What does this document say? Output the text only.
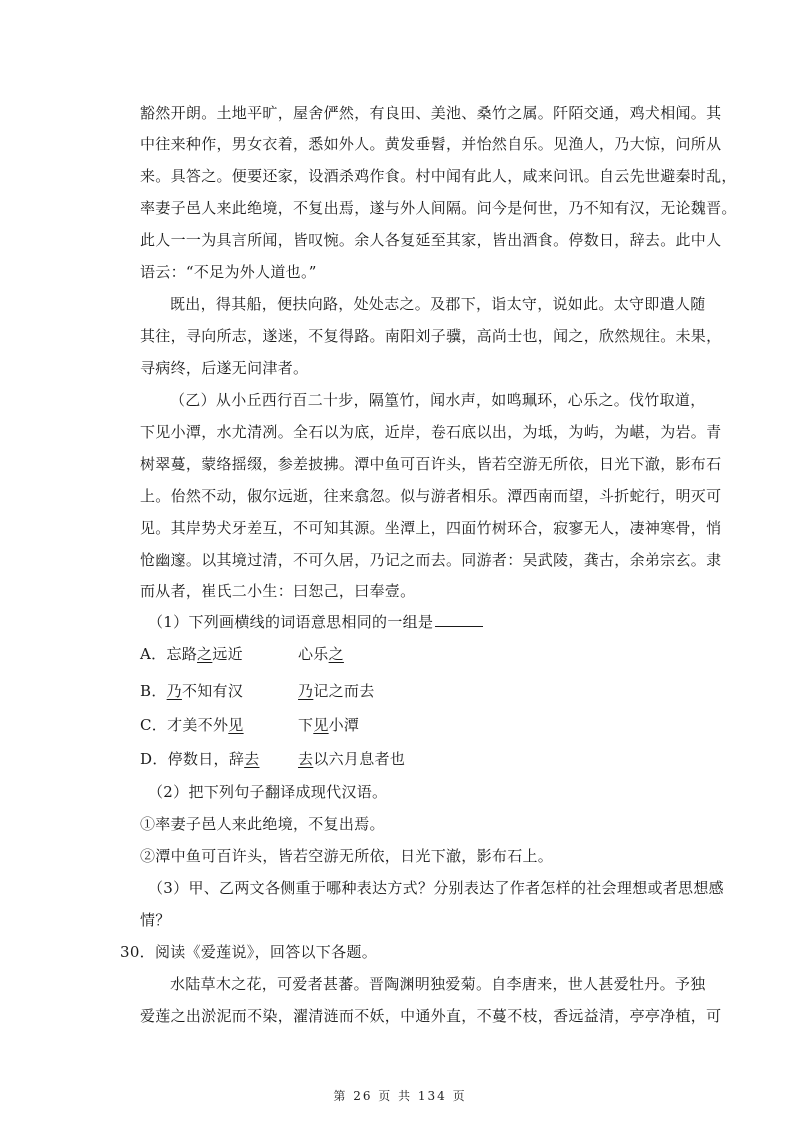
豁然开朗。土地平旷，屋舍俨然，有良田、美池、桑竹之属。阡陌交通，鸡犬相闻。其
中往来种作，男女衣着，悉如外人。黄发垂髫，并怡然自乐。见渔人，乃大惊，问所从
来。具答之。便要还家，设酒杀鸡作食。村中闻有此人，咸来问讯。自云先世避秦时乱，
率妻子邑人来此绝境，不复出焉，遂与外人间隔。问今是何世，乃不知有汉，无论魏晋。
此人一一为具言所闻，皆叹惋。余人各复延至其家，皆出酒食。停数日，辞去。此中人
语云：“不足为外人道也。”
既出，得其船，便扶向路，处处志之。及郡下，诣太守，说如此。太守即遣人随
其往，寻向所志，遂迷，不复得路。南阳刘子骥，高尚士也，闻之，欣然规往。未果，
寻病终，后遂无问津者。
（乙）从小丘西行百二十步，隔篁竹，闻水声，如鸣珮环，心乐之。伐竹取道，
下见小潭，水尤清冽。全石以为底，近岸，卷石底以出，为坻，为屿，为嵁，为岩。青
树翠蔓，蒙络摇缀，参差披拂。潭中鱼可百许头，皆若空游无所依，日光下澈，影布石
上。佁然不动，俶尔远逝，往来翕忽。似与游者相乐。潭西南而望，斗折蛇行，明灭可
见。其岸势犬牙差互，不可知其源。坐潭上，四面竹树环合，寂寥无人，凄神寒骨，悄
怆幽邃。以其境过清，不可久居，乃记之而去。同游者：吴武陵，龚古，余弟宗玄。隶
而从者，崔氏二小生：曰恕己，曰奉壹。
（1）下列画横线的词语意思相同的一组是
A．忘路之远近	心乐之
B．乃不知有汉	乃记之而去
C．才美不外见	下见小潭
D．停数日，辞去	去以六月息者也
（2）把下列句子翻译成现代汉语。
①率妻子邑人来此绝境，不复出焉。
②潭中鱼可百许头，皆若空游无所依，日光下澈，影布石上。
（3）甲、乙两文各侧重于哪种表达方式？分别表达了作者怎样的社会理想或者思想感
情？
30．阅读《爱莲说》，回答以下各题。
水陆草木之花，可爱者甚蕃。晋陶渊明独爱菊。自李唐来，世人甚爱牡丹。予独
爱莲之出淤泥而不染，濯清涟而不妖，中通外直，不蔓不枝，香远益清，亭亭净植，可
第 26 页 共 134 页
